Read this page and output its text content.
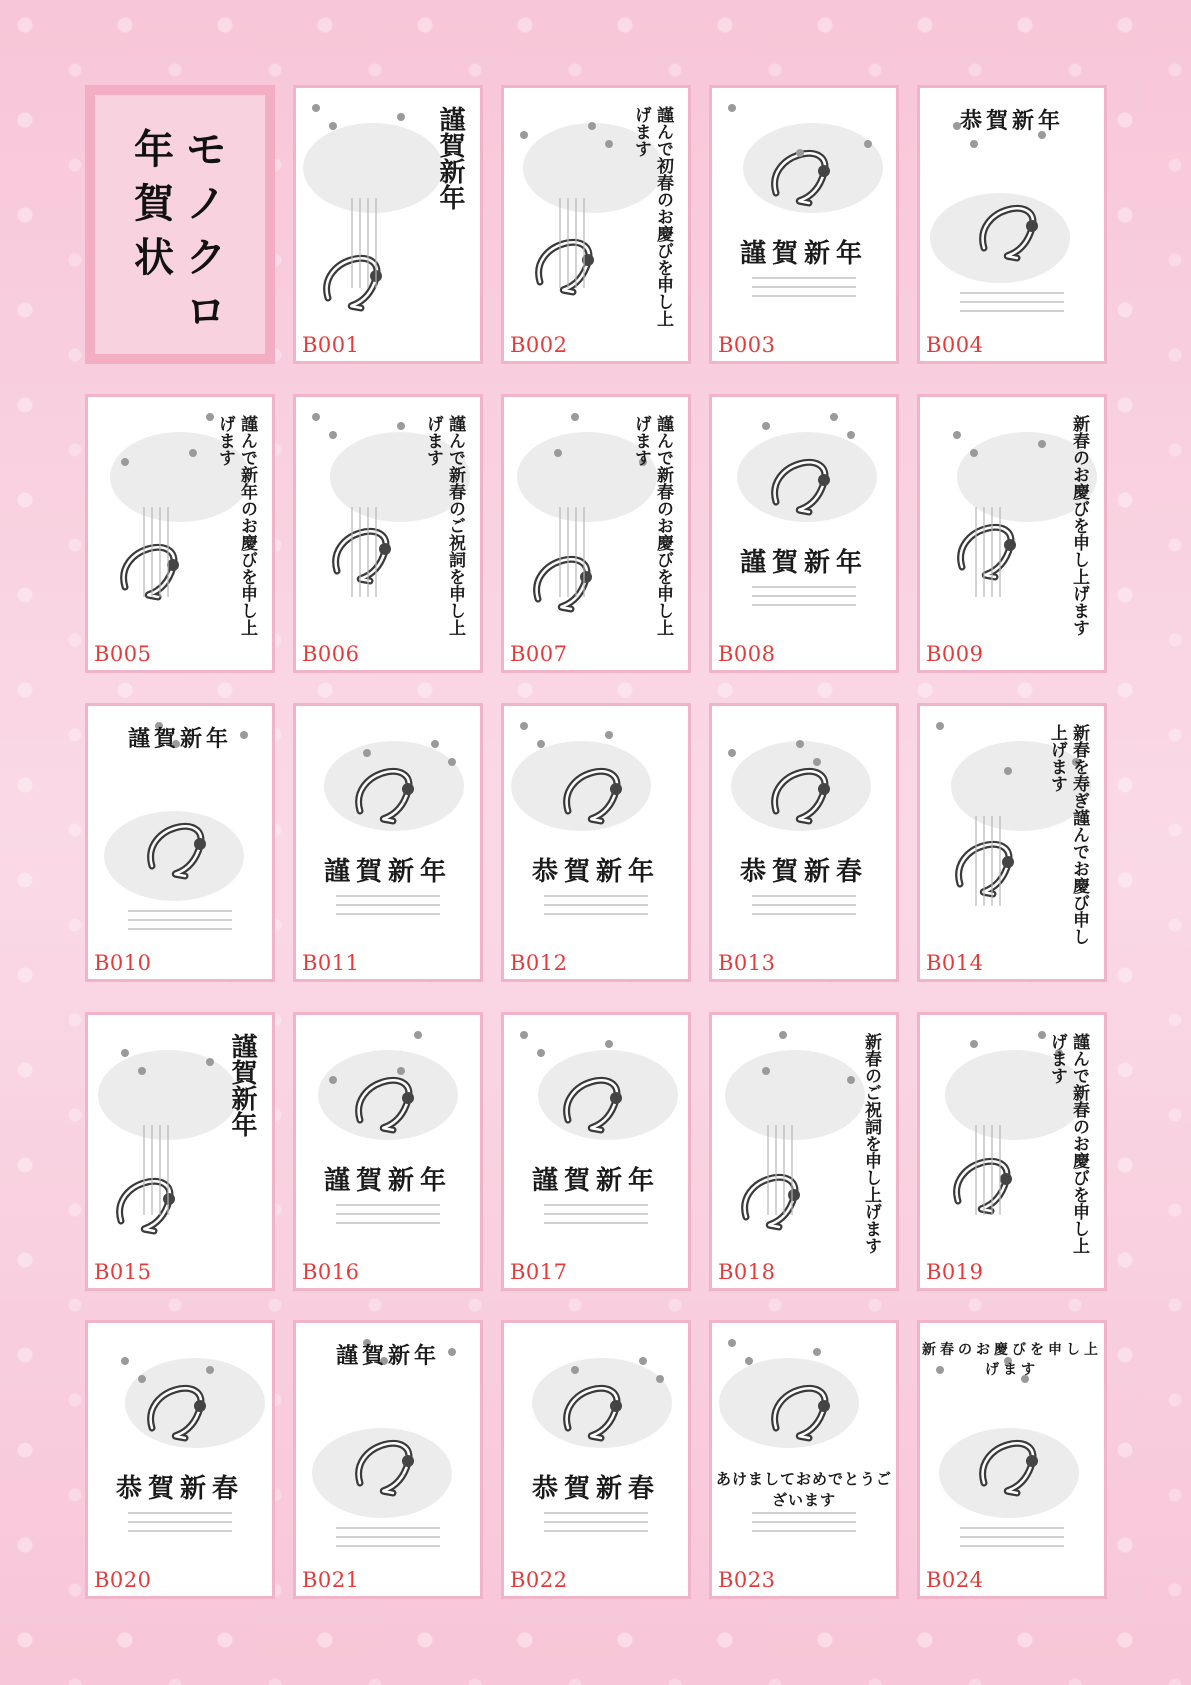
モ
ノ
ク
ロ
年
賀
状
謹賀新年
B001
謹んで初春のお慶びを申し上げます
B002
謹賀新年
B003
恭賀新年
B004
謹んで新年のお慶びを申し上げます
B005
謹んで新春のご祝詞を申し上げます
B006
謹んで新春のお慶びを申し上げます
B007
謹賀新年
B008
新春のお慶びを申し上げます
B009
謹賀新年
B010
謹賀新年
B011
恭賀新年
B012
恭賀新春
B013
新春を寿ぎ謹んでお慶び申し上げます
B014
謹賀新年
B015
謹賀新年
B016
謹賀新年
B017
新春のご祝詞を申し上げます
B018
謹んで新春のお慶びを申し上げます
B019
恭賀新春
B020
謹賀新年
B021
恭賀新春
B022
あけましておめでとうございます
B023
新春のお慶びを申し上げます
B024
